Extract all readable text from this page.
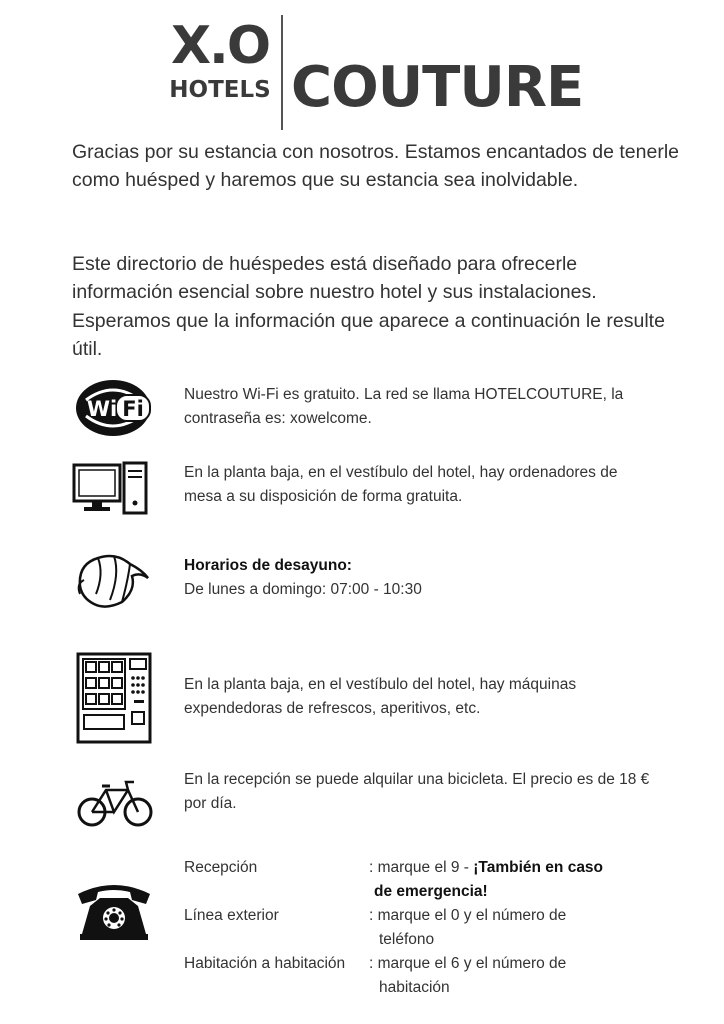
X.O
HOTELS COUTURE
Gracias por su estancia con nosotros. Estamos encantados de tenerle como huésped y haremos que su estancia sea inolvidable.
Este directorio de huéspedes está diseñado para ofrecerle información esencial sobre nuestro hotel y sus instalaciones. Esperamos que la información que aparece a continuación le resulte útil.
Wi Fi
Nuestro Wi-Fi es gratuito. La red se llama HOTELCOUTURE, la contraseña es: xowelcome.
En la planta baja, en el vestíbulo del hotel, hay ordenadores de mesa a su disposición de forma gratuita.
Horarios de desayuno:
De lunes a domingo: 07:00 - 10:30
En la planta baja, en el vestíbulo del hotel, hay máquinas expendedoras de refrescos, aperitivos, etc.
En la recepción se puede alquilar una bicicleta. El precio es de 18 € por día.
Recepción	: marque el 9 - ¡También en caso
de emergencia!
Línea exterior	: marque el 0 y el número de
teléfono
Habitación a habitación	: marque el 6 y el número de
habitación
